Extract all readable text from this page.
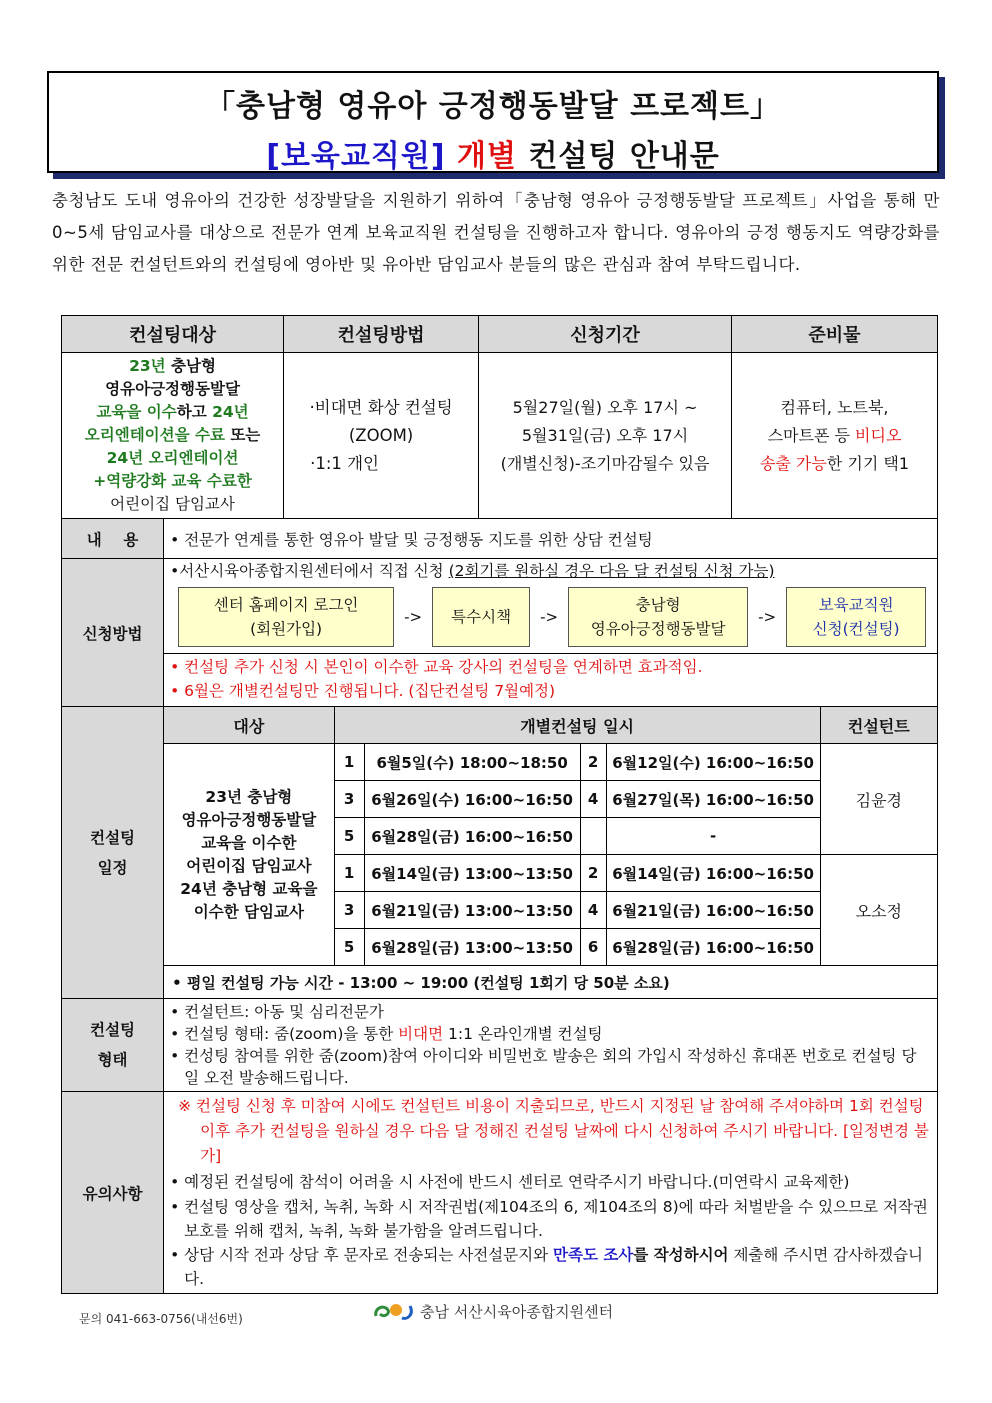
「충남형 영유아 긍정행동발달 프로젝트」
[보육교직원] 개별 컨설팅 안내문
충청남도 도내 영유아의 건강한 성장발달을 지원하기 위하여「충남형 영유아 긍정행동발달 프로젝트」사업을 통해 만0~5세 담임교사를 대상으로 전문가 연계 보육교직원 컨설팅을 진행하고자 합니다. 영유아의 긍정 행동지도 역량강화를 위한 전문 컨설턴트와의 컨설팅에 영아반 및 유아반 담임교사 분들의 많은 관심과 참여 부탁드립니다.
컨설팅대상	컨설팅방법	신청기간	준비물

23년 충남형
영유아긍정행동발달
교육을 이수하고 24년
오리엔테이션을 수료 또는
24년 오리엔테이션
+역량강화 교육 수료한
어린이집 담임교사

·비대면 화상 컨설팅
(ZOOM)
·1:1 개인

5월27일(월) 오후 17시 ~
5월31일(금) 오후 17시
(개별신청)-조기마감될수 있음

컴퓨터, 노트북,
스마트폰 등 비디오
송출 가능한 기기 택1

내    용	• 전문가 연계를 통한 영유아 발달 및 긍정행동 지도를 위한 상담 컨설팅
신청방법	
•서산시육아종합지원센터에서 직접 신청 (2회기를 원하실 경우 다음 달 컨설팅 신청 가능)
센터 홈페이지 로그인
(회원가입)
->	특수시책	->
충남형
영유아긍정행동발달
->
보육교직원
신청(컨설팅)
• 컨설팅 추가 신청 시 본인이 이수한 교육 강사의 컨설팅을 연계하면 효과적임.
• 6월은 개별컨설팅만 진행됩니다. (집단컨설팅 7월예정)

컨설팅
일정

대상	개별컨설팅 일시	컨설턴트

23년 충남형
영유아긍정행동발달
교육을 이수한
어린이집 담임교사
24년 충남형 교육을
이수한 담임교사
	1	6월5일(수) 18:00~18:50	2	6월12일(수) 16:00~16:50	김윤경
3	6월26일(수) 16:00~16:50	4	6월27일(목) 16:00~16:50
5	6월28일(금) 16:00~16:50		-
1	6월14일(금) 13:00~13:50	2	6월14일(금) 16:00~16:50	오소정
3	6월21일(금) 13:00~13:50	4	6월21일(금) 16:00~16:50
5	6월28일(금) 13:00~13:50	6	6월28일(금) 16:00~16:50
• 평일 컨설팅 가능 시간 - 13:00 ~ 19:00 (컨설팅 1회기 당 50분 소요)

컨설팅
형태

• 컨설턴트: 아동 및 심리전문가
• 컨설팅 형태: 줌(zoom)을 통한 비대면 1:1 온라인개별 컨설팅
• 컨성팅 참여를 위한 줌(zoom)참여 아이디와 비밀번호 발송은 회의 가입시 작성하신 휴대폰 번호로 컨설팅 당일 오전 발송해드립니다.

유의사항	
※ 컨설팅 신청 후 미참여 시에도 컨설턴트 비용이 지출되므로, 반드시 지정된 날 참여해 주셔야하며 1회 컨설팅 이후 추가 컨설팅을 원하실 경우 다음 달 정해진 컨설팅 날짜에 다시 신청하여 주시기 바랍니다. [일정변경 불가]
• 예정된 컨설팅에 참석이 어려울 시 사전에 반드시 센터로 연락주시기 바랍니다.(미연락시 교육제한)
• 컨설팅 영상을 캡처, 녹취, 녹화 시 저작권법(제104조의 6, 제104조의 8)에 따라 처벌받을 수 있으므로 저작권 보호를 위해 캡처, 녹취, 녹화 불가함을 알려드립니다.
• 상담 시작 전과 상담 후 문자로 전송되는 사전설문지와 만족도 조사를 작성하시어 제출해 주시면 감사하겠습니다.
문의 041-663-0756(내선6번)	충남 서산시육아종합지원센터
